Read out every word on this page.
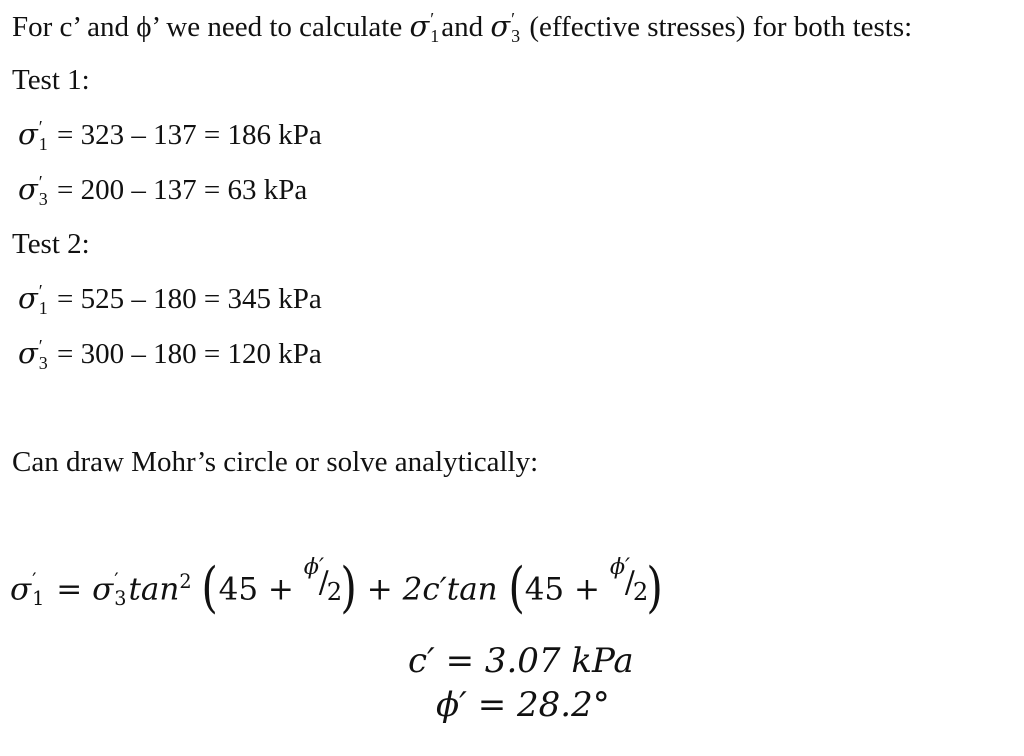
For c’ and ϕ’ we need to calculate σ ′
1 and σ ′
3 (effective stresses) for both tests:
Test 1:
σ ′
1 = 323 – 137 = 186 kPa
σ ′
3 = 200 – 137 = 63 kPa
Test 2:
σ ′
1 = 525 – 180 = 345 kPa
σ ′
3 = 300 – 180 = 120 kPa
Can draw Mohr’s circle or solve analytically:
σ ′
1 = σ ′
3 $\tan^2 (45$ +
ϕ′
/
2
) + 2c′tan (45 +
ϕ′
/
2
)
c′ = 3.07 kPa
ϕ′ = 28.2°
